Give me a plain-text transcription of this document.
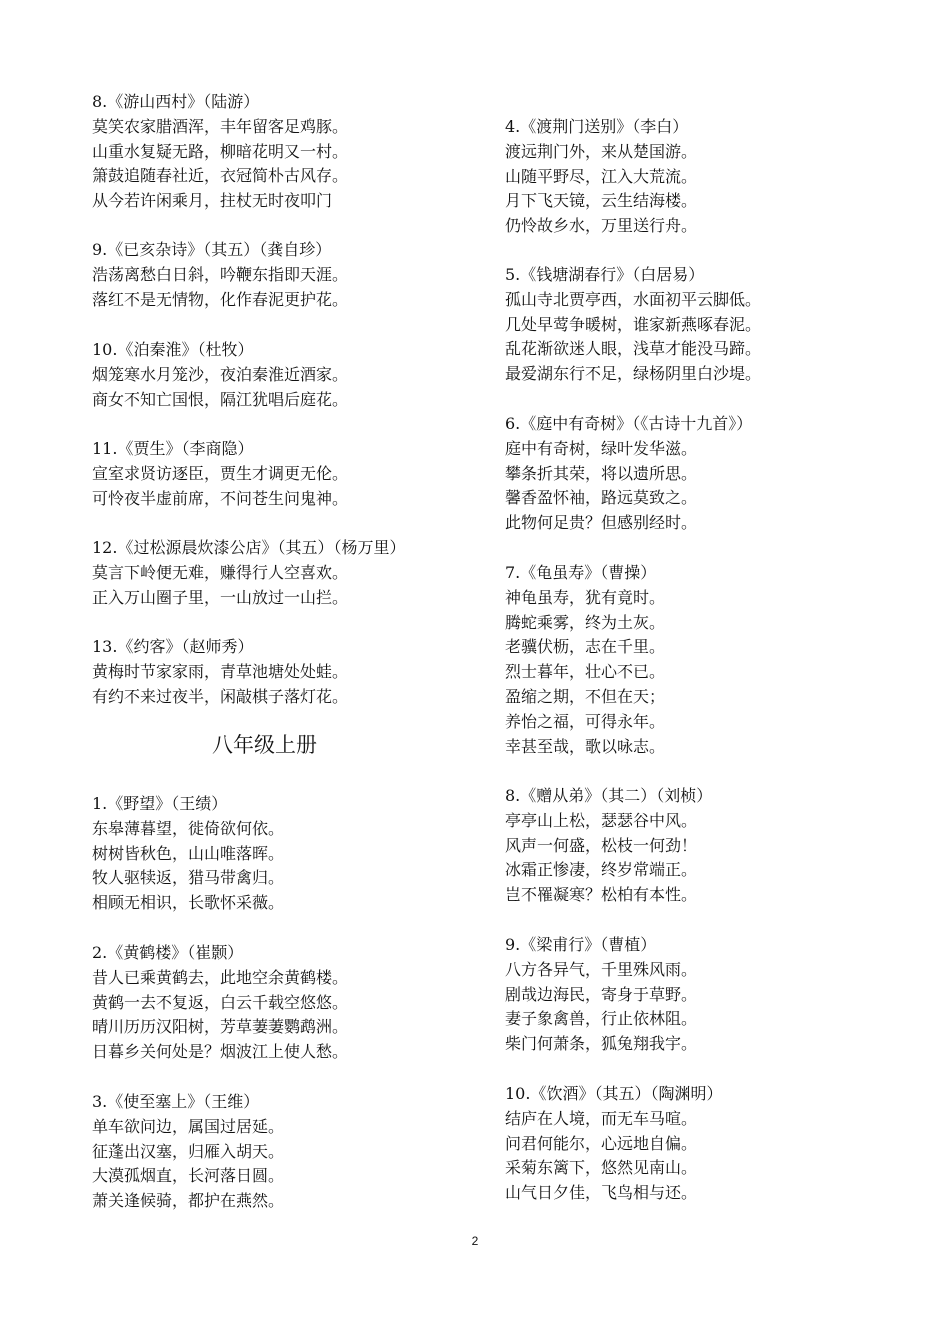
8.《游山西村》（陆游）

莫笑农家腊酒浑，丰年留客足鸡豚。

山重水复疑无路，柳暗花明又一村。

箫鼓追随春社近，衣冠简朴古风存。

从今若许闲乘月，拄杖无时夜叩门

9.《已亥杂诗》（其五）（龚自珍）

浩荡离愁白日斜，吟鞭东指即天涯。

落红不是无情物，化作春泥更护花。

10.《泊秦淮》（杜牧）

烟笼寒水月笼沙，夜泊秦淮近酒家。

商女不知亡国恨，隔江犹唱后庭花。

11.《贾生》（李商隐）

宣室求贤访逐臣，贾生才调更无伦。

可怜夜半虚前席，不问苍生问鬼神。

12.《过松源晨炊漆公店》（其五）（杨万里）

莫言下岭便无难，赚得行人空喜欢。

正入万山圈子里，一山放过一山拦。

13.《约客》（赵师秀）

黄梅时节家家雨，青草池塘处处蛙。

有约不来过夜半，闲敲棋子落灯花。

八年级上册

1.《野望》（王绩）

东皋薄暮望，徙倚欲何依。

树树皆秋色，山山唯落晖。

牧人驱犊返，猎马带禽归。

相顾无相识，长歌怀采薇。

2.《黄鹤楼》（崔颢）

昔人已乘黄鹤去，此地空余黄鹤楼。

黄鹤一去不复返，白云千载空悠悠。

晴川历历汉阳树，芳草萋萋鹦鹉洲。

日暮乡关何处是？烟波江上使人愁。

3.《使至塞上》（王维）

单车欲问边，属国过居延。

征蓬出汉塞，归雁入胡天。

大漠孤烟直，长河落日圆。

萧关逢候骑，都护在燕然。

4.《渡荆门送别》（李白）

渡远荆门外，来从楚国游。

山随平野尽，江入大荒流。

月下飞天镜，云生结海楼。

仍怜故乡水，万里送行舟。

5.《钱塘湖春行》（白居易）

孤山寺北贾亭西，水面初平云脚低。

几处早莺争暖树，谁家新燕啄春泥。

乱花渐欲迷人眼，浅草才能没马蹄。

最爱湖东行不足，绿杨阴里白沙堤。

6.《庭中有奇树》（《古诗十九首》）

庭中有奇树，绿叶发华滋。

攀条折其荣，将以遗所思。

馨香盈怀袖，路远莫致之。

此物何足贵？但感别经时。

7.《龟虽寿》（曹操）

神龟虽寿，犹有竟时。

腾蛇乘雾，终为土灰。

老骥伏枥，志在千里。

烈士暮年，壮心不已。

盈缩之期，不但在天；

养怡之福，可得永年。

幸甚至哉，歌以咏志。

8.《赠从弟》（其二）（刘桢）

亭亭山上松，瑟瑟谷中风。

风声一何盛，松枝一何劲！

冰霜正惨凄，终岁常端正。

岂不罹凝寒？松柏有本性。

9.《梁甫行》（曹植）

八方各异气，千里殊风雨。

剧哉边海民，寄身于草野。

妻子象禽兽，行止依林阻。

柴门何萧条，狐兔翔我宇。

10.《饮酒》（其五）（陶渊明）

结庐在人境，而无车马喧。

问君何能尔，心远地自偏。

采菊东篱下，悠然见南山。

山气日夕佳，飞鸟相与还。

2
